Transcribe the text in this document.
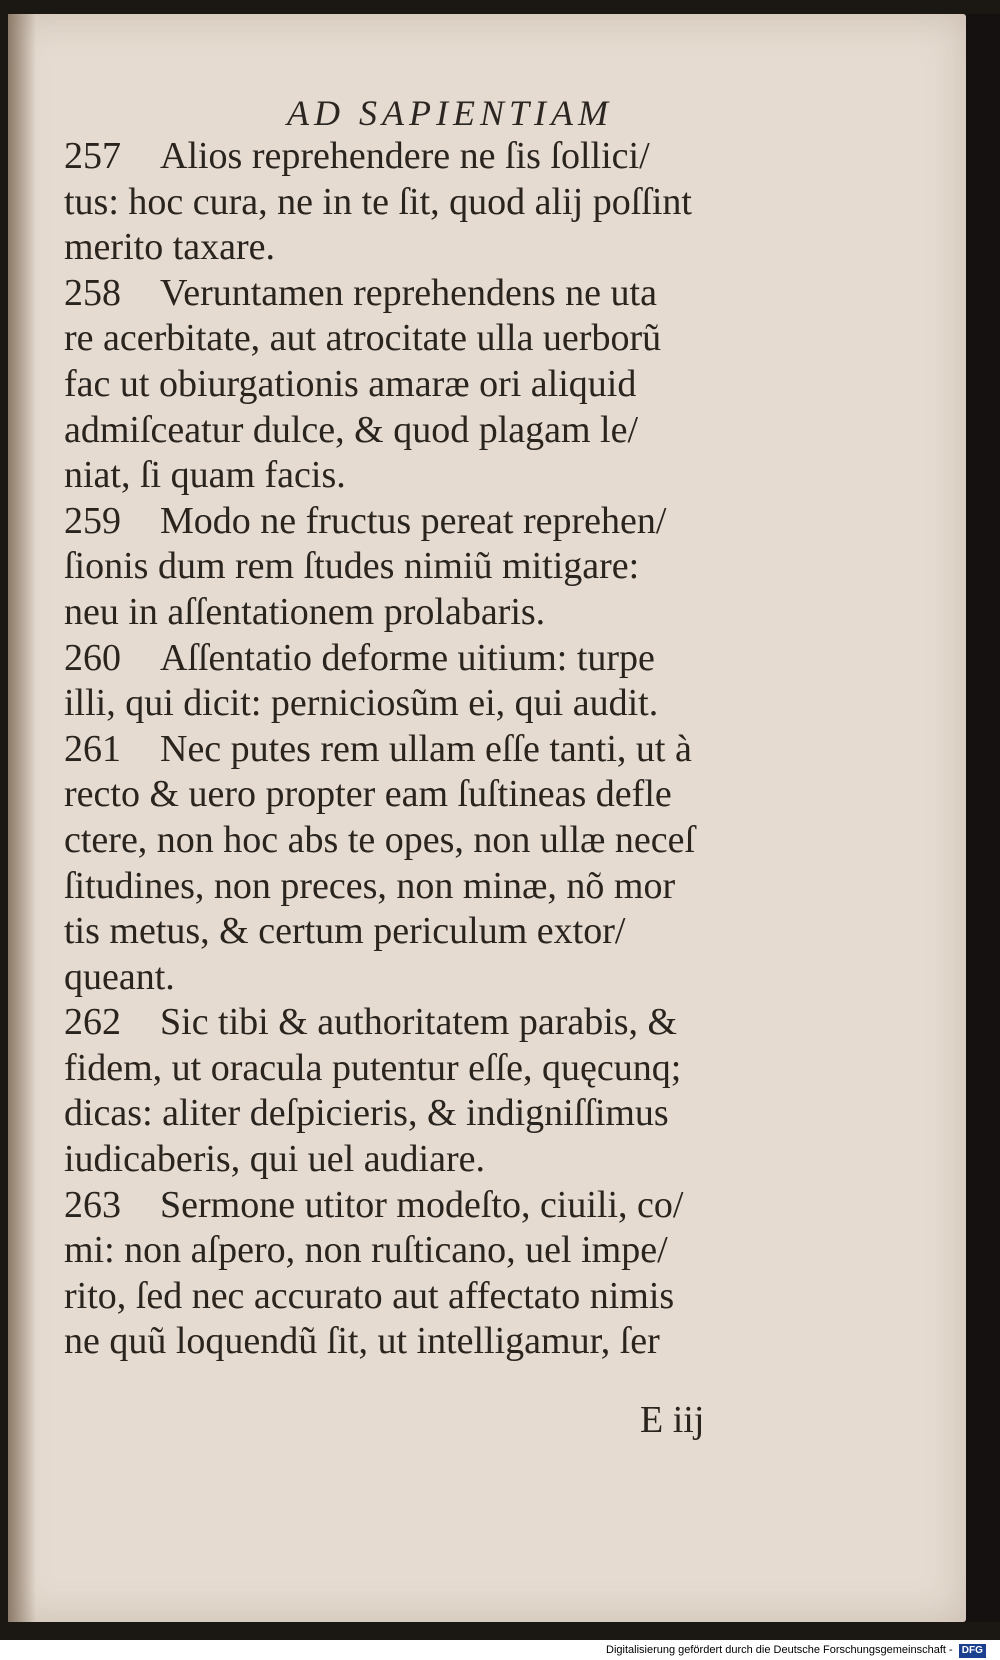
AD SAPIENTIAM
257 Alios reprehendere ne ſis ſollici/
tus: hoc cura, ne in te ſit, quod alij poſſint
merito taxare.
258 Veruntamen reprehendens ne uta
re acerbitate, aut atrocitate ulla uerborũ
fac ut obiurgationis amaræ ori aliquid
admiſceatur dulce, & quod plagam le/
niat, ſi quam facis.
259 Modo ne fructus pereat reprehen/
ſionis dum rem ſtudes nimiũ mitigare:
neu in aſſentationem prolabaris.
260 Aſſentatio deforme uitium: turpe
illi, qui dicit: perniciosũm ei, qui audit.
261 Nec putes rem ullam eſſe tanti, ut à
recto & uero propter eam ſuſtineas defle
ctere, non hoc abs te opes, non ullæ neceſ
ſitudines, non preces, non minæ, nõ mor
tis metus, & certum periculum extor/
queant.
262 Sic tibi & authoritatem parabis, &
fidem, ut oracula putentur eſſe, quęcunq;
dicas: aliter deſpicieris, & indigniſſimus
iudicaberis, qui uel audiare.
263 Sermone utitor modeſto, ciuili, co/
mi: non aſpero, non ruſticano, uel impe/
rito, ſed nec accurato aut affectato nimis
ne quũ loquendũ ſit, ut intelligamur, ſer
E iij
Digitalisierung gefördert durch die Deutsche Forschungsgemeinschaft - DFG
